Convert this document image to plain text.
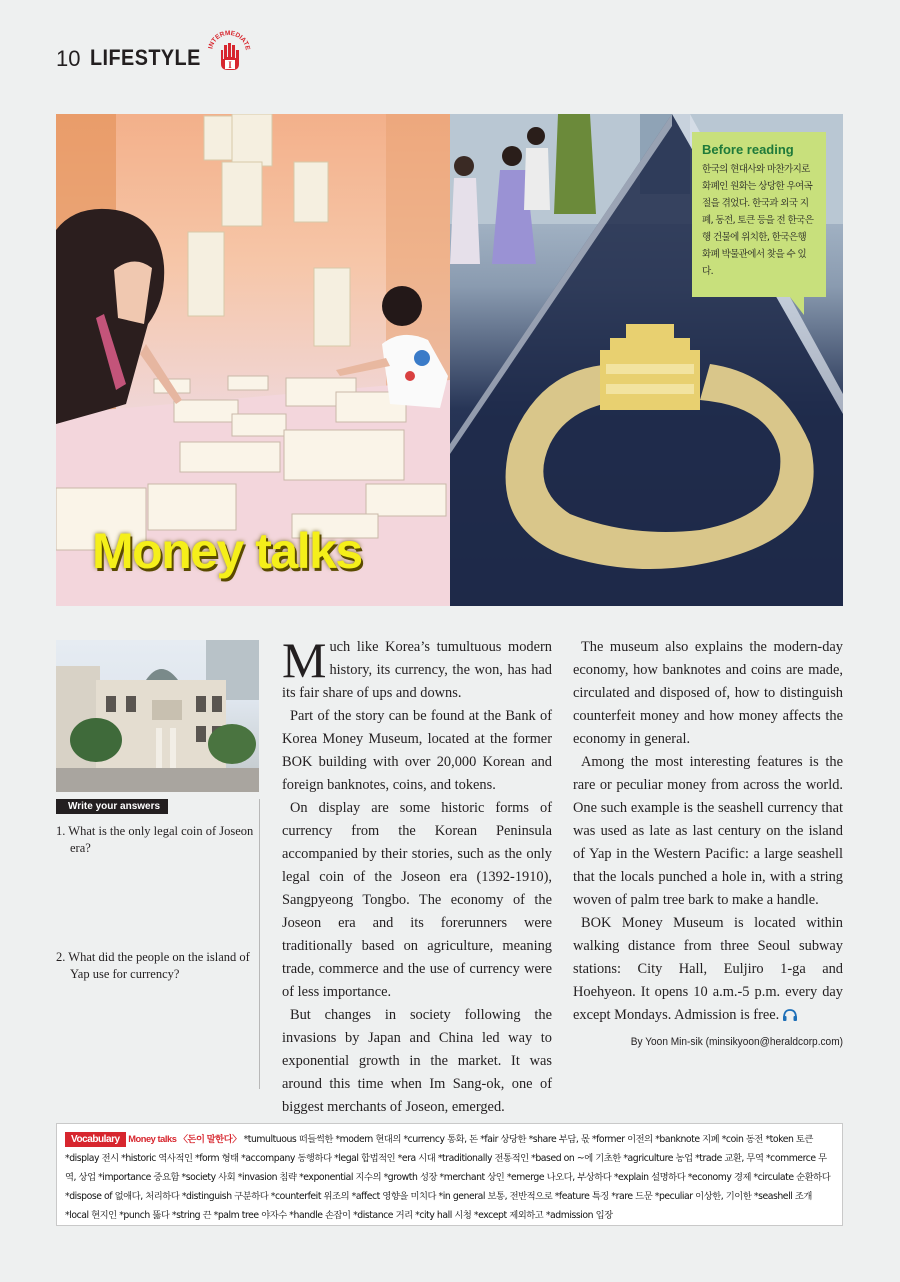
10 LIFESTYLE INTERMEDIATE
I
Money talks
Before reading
한국의 현대사와 마찬가지로 화폐인 원화는 상당한 우여곡절을 겪었다. 한국과 외국 지폐, 동전, 토큰 등을 전 한국은행 건물에 위치한, 한국은행 화폐 박물관에서 찾을 수 있다.
Write your answers
1. What is the only legal coin of Joseon era?
2. What did the people on the island of Yap use for currency?

Much like Korea’s tumultuous modern history, its currency, the won, has had its fair share of ups and downs.

Part of the story can be found at the Bank of Korea Money Museum, located at the former BOK building with over 20,000 Korean and foreign banknotes, coins, and tokens.

On display are some historic forms of currency from the Korean Peninsula accompanied by their stories, such as the only legal coin of the Joseon era (1392-1910), Sangpyeong Tongbo. The economy of the Joseon era and its forerunners were traditionally based on agriculture, meaning trade, commerce and the use of currency were of less importance.

But changes in society following the invasions by Japan and China led way to exponential growth in the market. It was around this time when Im Sang-ok, one of biggest merchants of Joseon, emerged.

The museum also explains the modern-day economy, how banknotes and coins are made, circulated and disposed of, how to distinguish counterfeit money and how money affects the economy in general.

Among the most interesting features is the rare or peculiar money from across the world. One such example is the seashell currency that was used as late as last century on the island of Yap in the Western Pacific: a large seashell that the locals punched a hole in, with a string woven of palm tree bark to make a handle.

BOK Money Museum is located within walking distance from three Seoul subway stations: City Hall, Euljiro 1-ga and Hoehyeon. It opens 10 a.m.-5 p.m. every day except Mondays. Admission is free.

By Yoon Min-sik (minsikyoon@heraldcorp.com)
Vocabulary Money talks 〈돈이 말한다〉 *tumultuous 떠들썩한 *modern 현대의 *currency 통화, 돈 *fair 상당한 *share 부담, 몫 *former 이전의 *banknote 지폐 *coin 동전 *token 토큰 *display 전시 *historic 역사적인 *form 형태 *accompany 동행하다 *legal 합법적인 *era 시대 *traditionally 전통적인 *based on ~에 기초한 *agriculture 농업 *trade 교환, 무역 *commerce 무역, 상업 *importance 중요함 *society 사회 *invasion 침략 *exponential 지수의 *growth 성장 *merchant 상인 *emerge 나오다, 부상하다 *explain 설명하다 *economy 경제 *circulate 순환하다 *dispose of 없애다, 처리하다 *distinguish 구분하다 *counterfeit 위조의 *affect 영향을 미치다 *in general 보통, 전반적으로 *feature 특징 *rare 드문 *peculiar 이상한, 기이한 *seashell 조개 *local 현지인 *punch 뚫다 *string 끈 *palm tree 야자수 *handle 손잡이 *distance 거리 *city hall 시청 *except 제외하고 *admission 입장
